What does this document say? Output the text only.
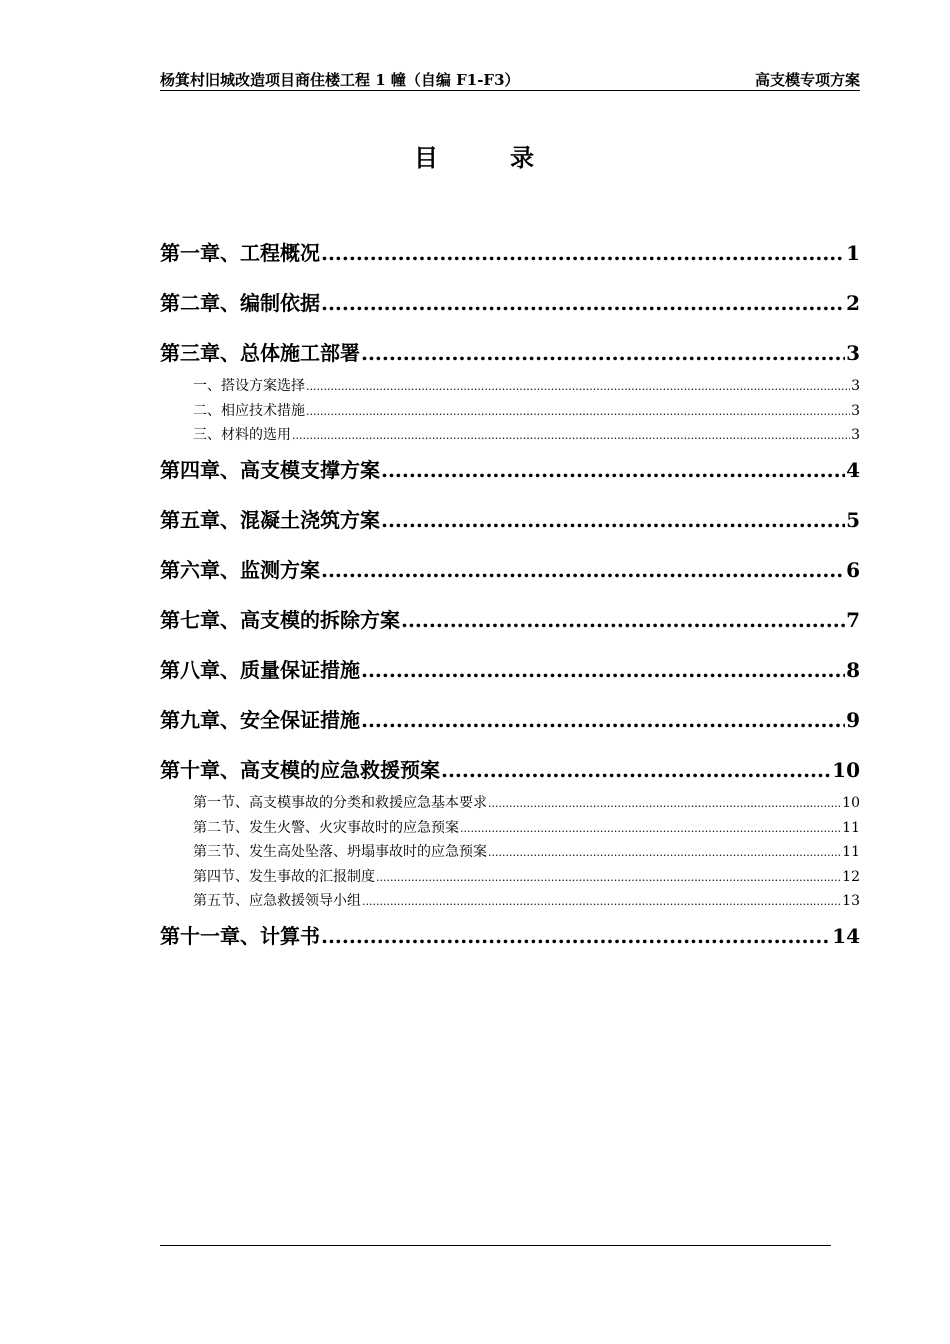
杨箕村旧城改造项目商住楼工程 1 幢（自编 F1-F3）	高支模专项方案
目	录
第一章、工程概况 .....	1
第二章、编制依据 .....	2
第三章、总体施工部署 .....	3
一、搭设方案选择 .....	3
二、相应技术措施 .....	3
三、材料的选用 .....	3
第四章、高支模支撑方案 .....	4
第五章、混凝土浇筑方案 .....	5
第六章、监测方案 .....	6
第七章、高支模的拆除方案 .....	7
第八章、质量保证措施 .....	8
第九章、安全保证措施 .....	9
第十章、高支模的应急救援预案 .....	10
第一节、高支模事故的分类和救援应急基本要求 .....	10
第二节、发生火警、火灾事故时的应急预案 .....	11
第三节、发生高处坠落、坍塌事故时的应急预案 .....	11
第四节、发生事故的汇报制度 .....	12
第五节、应急救援领导小组 .....	13
第十一章、计算书 .....	14
